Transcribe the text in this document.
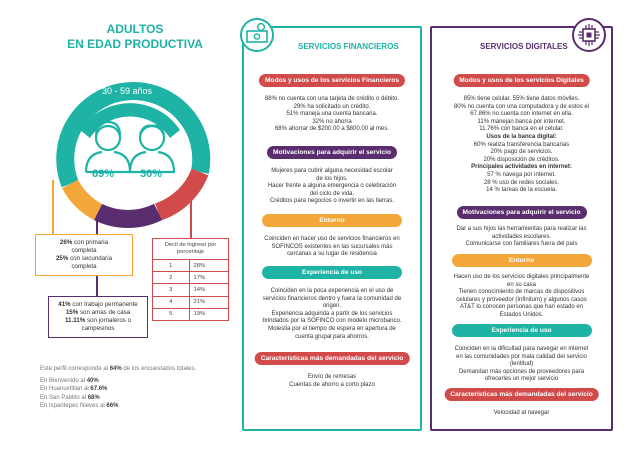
ADULTOS
EN EDAD PRODUCTIVA
30 - 59 años
69% 30%
26% con primaria
completa
25% con secundaria
completa
Decil de ingreso por porcentaje
1	28%
2	17%
3	14%
4	21%
5	19%
41% con trabajo permanente
15% son amas de casa
11.11% son jornaleros o
campesinos
Este perfil corresponde al 64% de los encuestados totales.
En Bienvenido al 40%
En Huanuxtitlan al 67.6%
En San Pablito al 68%
En Ixpantepec Nieves al 66%
SERVICIOS FINANCIEROS
Modos y usos de los servicios Financieros
88% no cuenta con una tarjeta de crédito o débito.
29% ha solicitado un crédito.
51% maneja una cuenta bancaria.
32% no ahorra
68% ahorrar de $200.00 a $800.00 al mes.
Motivaciones para adquirir el servicio
Mujeres para cubrir alguna necesidad escolar
de los hijos.
Hacer frente a alguna emergencia o celebración
del ciclo de vida.
Créditos para negocios o invertir en las tierras.
Entorno
Coinciden en hacer uso de servicios financieros en
SOFINCOS existentes en las sucursales más
cercanas a su lugar de residencia
Experiencia de uso
Coinciden en la poca experiencia en el uso de
servicios financieros dentro y fuera la comunidad de
origen.
Experiencia adquirida a partir de los servicios
brindados por la SOFINCO con modelo microbanco.
Molestia por el tiempo de espera en apertura de
cuenta grupal para ahorros.
Características más demandadas del servicio
Envío de remesas
Cuentas de ahorro a corto plazo
SERVICIOS DIGITALES
Modos y usos de los servicios Digitales
85% tiene celular. 55% tiene datos móviles.
80% no cuenta con una computadora y de estos el
67.86% no cuenta con internet en ella.
11% manejan banca por internet.
11.76% con banca en el celular.
Usos de la banca digital:
60% realiza transferencia bancarias
20% pago de servicios.
20% disposición de créditos.
Principales actividades en internet:
57 % navega por internet.
28 % uso de redes sociales.
14 % tareas de la escuela.
Motivaciones para adquirir el servicio
Dar a sus hijos las herramientas para realizar las
actividades escolares.
Comunicarse con familiares fuera del país
Entorno
Hacen uso de los servicios digitales principalmente
en su casa
Tienen conocimiento de marcas de dispositivos
celulares y proveedor (Infinitum) y algunos casos
AT&T lo conocen personas que han estado en
Estados Unidos.
Experiencia de uso
Coinciden en la dificultad para navegar en internet
en las comunidades por mala calidad del servicio
(lentitud)
Demandan más opciones de proveedores para
ofrecerles un mejor servicio
Características más demandadas del servicio
Velocidad al navegar
